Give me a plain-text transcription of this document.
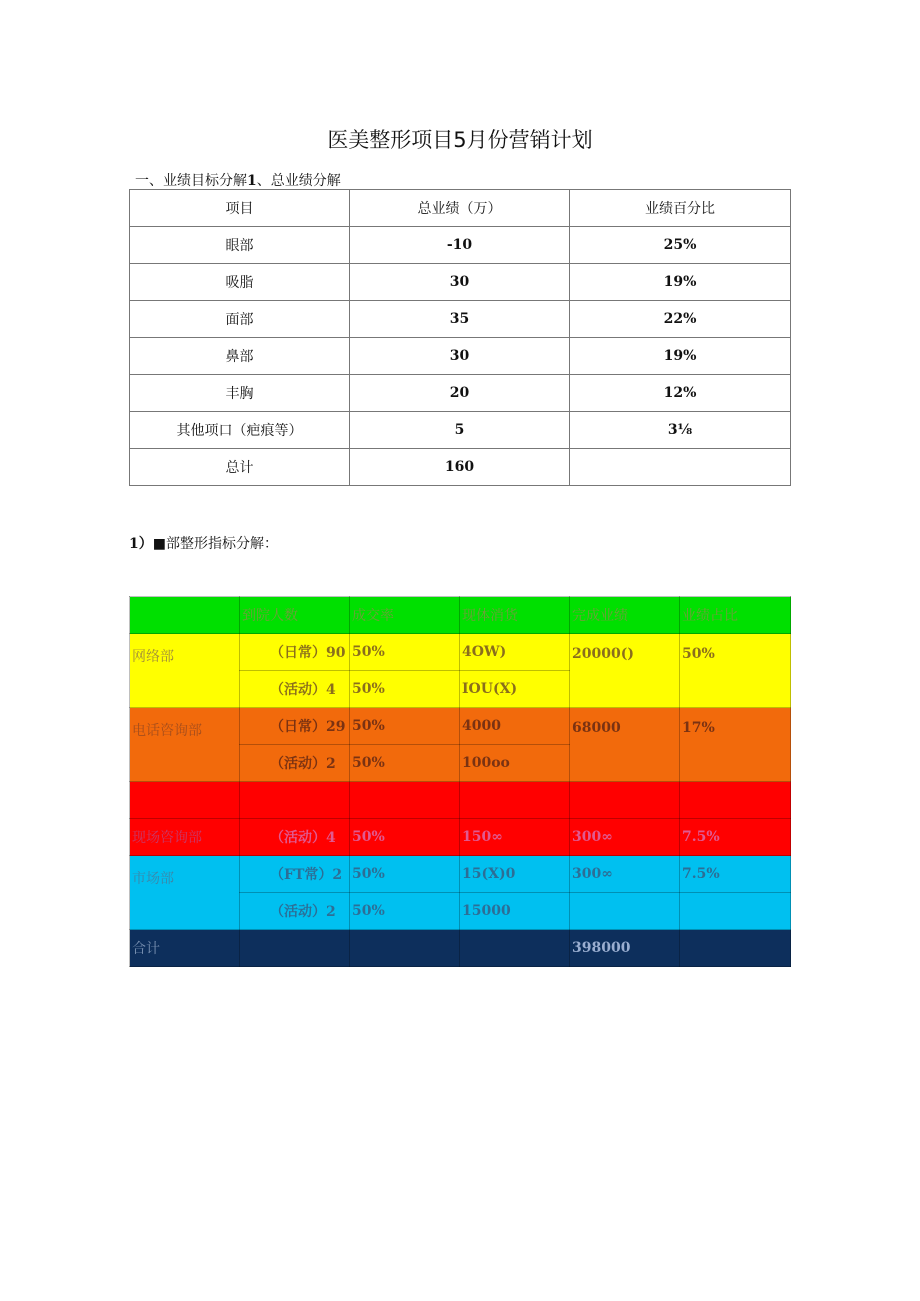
医美整形项目5月份营销计划
一、业绩目标分解1、总业绩分解
项目	总业绩（万）	业绩百分比
眼部	-10	25%
吸脂	30	19%
面部	35	22%
鼻部	30	19%
丰胸	20	12%
其他项口（疤痕等）	5	3⅛
总计	160	
1）■部整形指标分解：
	到院人数	成交率	现体消货	完成业绩	业绩占比
网络部	（日常）90	50%	4OW)	20000()	50%
	（活动）4	50%	IOU(X)		
电话咨询部	（日常）29	50%	4000	68000	17%
	（活动）2	50%	100oo		

现场咨询部	（活动）4	50%	150∞	300∞	7.5%
市场部	（FT常）2	50%	15(X)0	300∞	7.5%
	（活动）2	50%	15000		
合计				398000	
